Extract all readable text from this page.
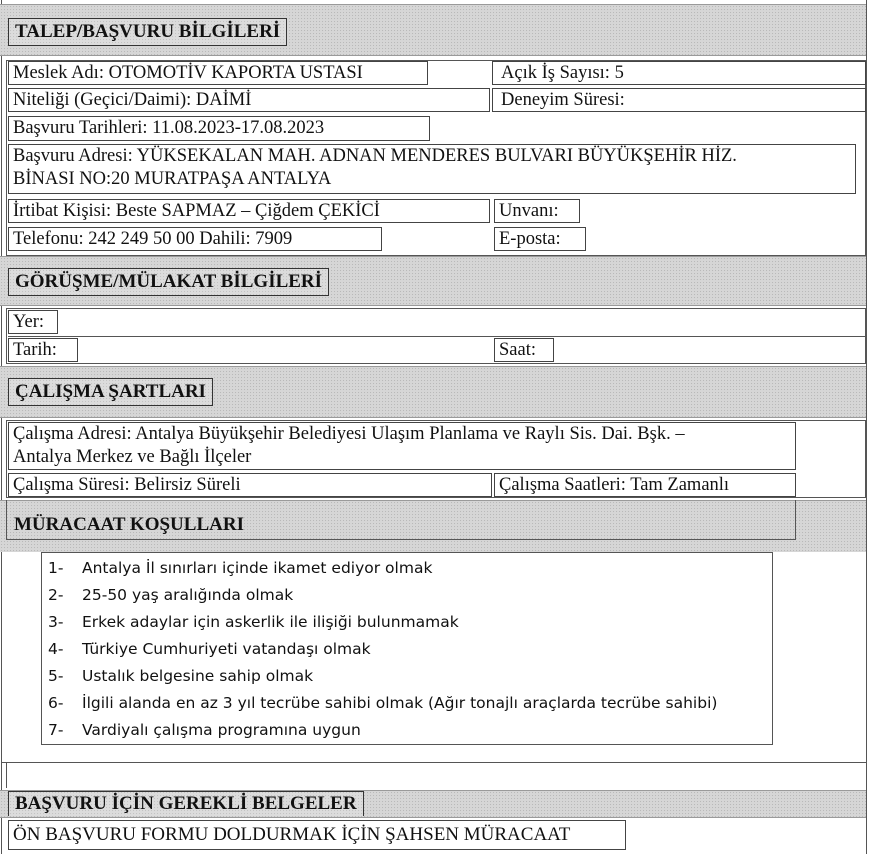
TALEP/BAŞVURU BİLGİLERİ
Meslek Adı: OTOMOTİV KAPORTA USTASI	Açık İş Sayısı: 5
Niteliği (Geçici/Daimi): DAİMİ	Deneyim Süresi:
Başvuru Tarihleri: 11.08.2023-17.08.2023
Başvuru Adresi: YÜKSEKALAN MAH. ADNAN MENDERES BULVARI BÜYÜKŞEHİR HİZ.
BİNASI NO:20 MURATPAŞA ANTALYA
İrtibat Kişisi: Beste SAPMAZ – Çiğdem ÇEKİCİ	Unvanı:
Telefonu: 242 249 50 00 Dahili: 7909	E-posta:
GÖRÜŞME/MÜLAKAT BİLGİLERİ
Yer:
Tarih:	Saat:
ÇALIŞMA ŞARTLARI
Çalışma Adresi: Antalya Büyükşehir Belediyesi Ulaşım Planlama ve Raylı Sis. Dai. Bşk. –
Antalya Merkez ve Bağlı İlçeler
Çalışma Süresi: Belirsiz Süreli	Çalışma Saatleri: Tam Zamanlı
MÜRACAAT KOŞULLARI
1- Antalya İl sınırları içinde ikamet ediyor olmak
2- 25-50 yaş aralığında olmak
3- Erkek adaylar için askerlik ile ilişiği bulunmamak
4- Türkiye Cumhuriyeti vatandaşı olmak
5- Ustalık belgesine sahip olmak
6- İlgili alanda en az 3 yıl tecrübe sahibi olmak (Ağır tonajlı araçlarda tecrübe sahibi)
7- Vardiyalı çalışma programına uygun
BAŞVURU İÇİN GEREKLİ BELGELER
ÖN BAŞVURU FORMU DOLDURMAK İÇİN ŞAHSEN MÜRACAAT
